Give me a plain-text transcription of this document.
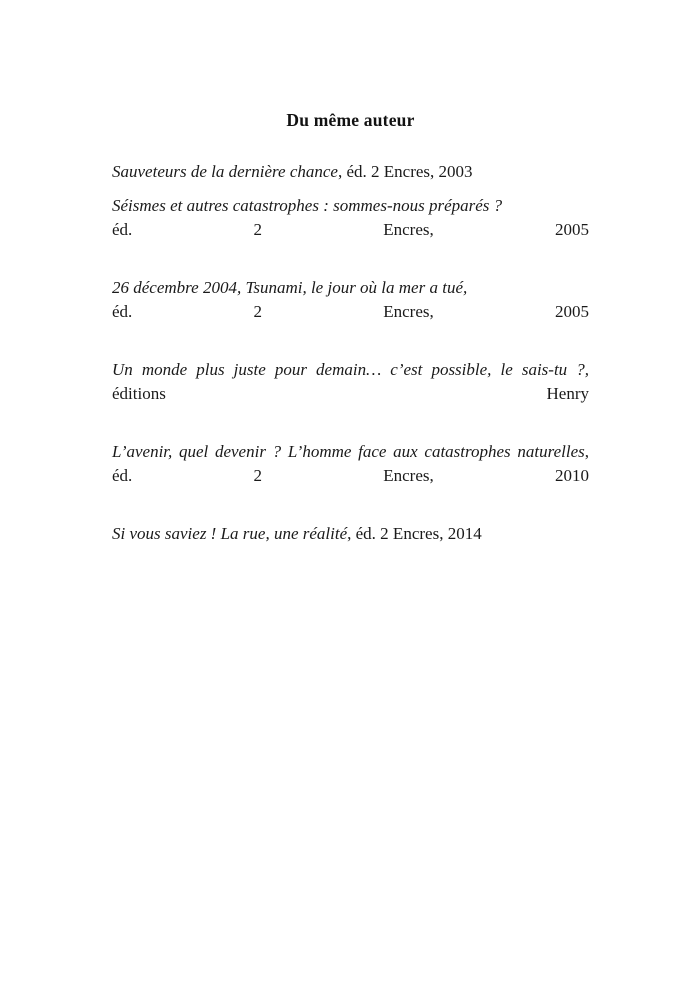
Du même auteur

Sauveteurs de la dernière chance, éd. 2 Encres, 2003

Séismes et autres catastrophes : sommes-nous préparés ?
éd. 2 Encres, 2005

26 décembre 2004, Tsunami, le jour où la mer a tué,
éd. 2 Encres, 2005

Un monde plus juste pour demain… c’est possible, le sais-tu ?, éditions Henry

L’avenir, quel devenir ? L’homme face aux catastrophes naturelles, éd. 2 Encres, 2010

Si vous saviez ! La rue, une réalité, éd. 2 Encres, 2014
